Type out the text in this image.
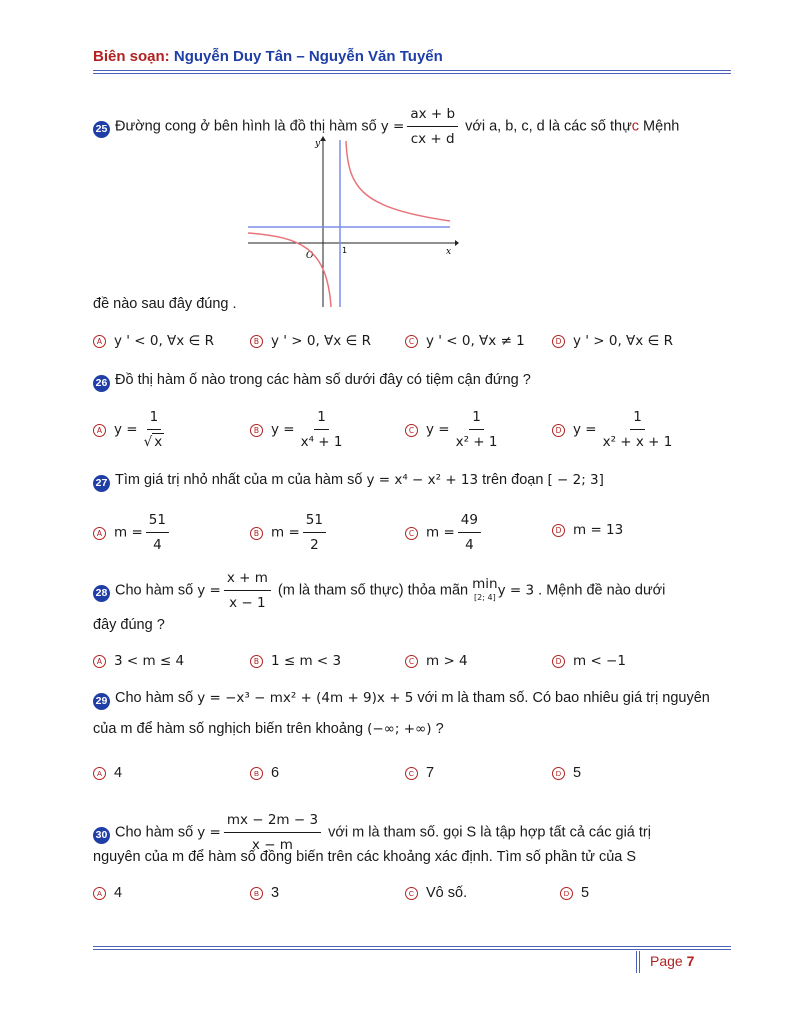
Biên soạn: Nguyễn Duy Tân – Nguyễn Văn Tuyển
25 Đường cong ở bên hình là đồ thị hàm số $y = \frac{ax + b}{cx + d}$ với a, b, c, d là các số thực Mệnh
y
x
O
1
đề nào sau đây đúng .
A y ' < 0, ∀x ∈ R	B y ' > 0, ∀x ∈ R	C y ' < 0, ∀x ≠ 1	D y ' > 0, ∀x ∈ R
26 Đồ thị hàm ố nào trong các hàm số dưới đây có tiệm cận đứng ?
A $y = \frac{1}{√ x}$	B $y = \frac{1}{\text{x⁴ + 1}}$	C $y = \frac{1}{\text{x² + 1}}$	D $y = \frac{1}{\text{x² + x + 1}}$
27 Tìm giá trị nhỏ nhất của m của hàm số y = x⁴ − x² + 13 trên đoạn [ − 2; 3]
A $m = \frac{51}{4}$	B $m = \frac{51}{2}$	C $m = \frac{49}{4}$	D m = 13
28 Cho hàm số $y = \frac{x + m}{x - 1} (m$ là tham số thực) thỏa mãn min
[2; 4] y = 3 . Mệnh đề nào dưới
đây đúng ?
A 3 < m ≤ 4	B 1 ≤ m < 3	C m > 4	D m < −1
29 Cho hàm số y = −x³ − mx² + (4m + 9)x + 5 với m là tham số. Có bao nhiêu giá trị nguyên
của m để hàm số nghịch biến trên khoảng (−∞; +∞) ?
A 4	B 6	C 7	D 5
30 Cho hàm số $y = \frac{mx - 2m - 3}{x - m}$ với m là tham số. gọi S là tập hợp tất cả các giá trị
nguyên của m để hàm số đồng biến trên các khoảng xác định. Tìm số phần tử của S
A 4	B 3	C Vô số.	D 5
Page 7
